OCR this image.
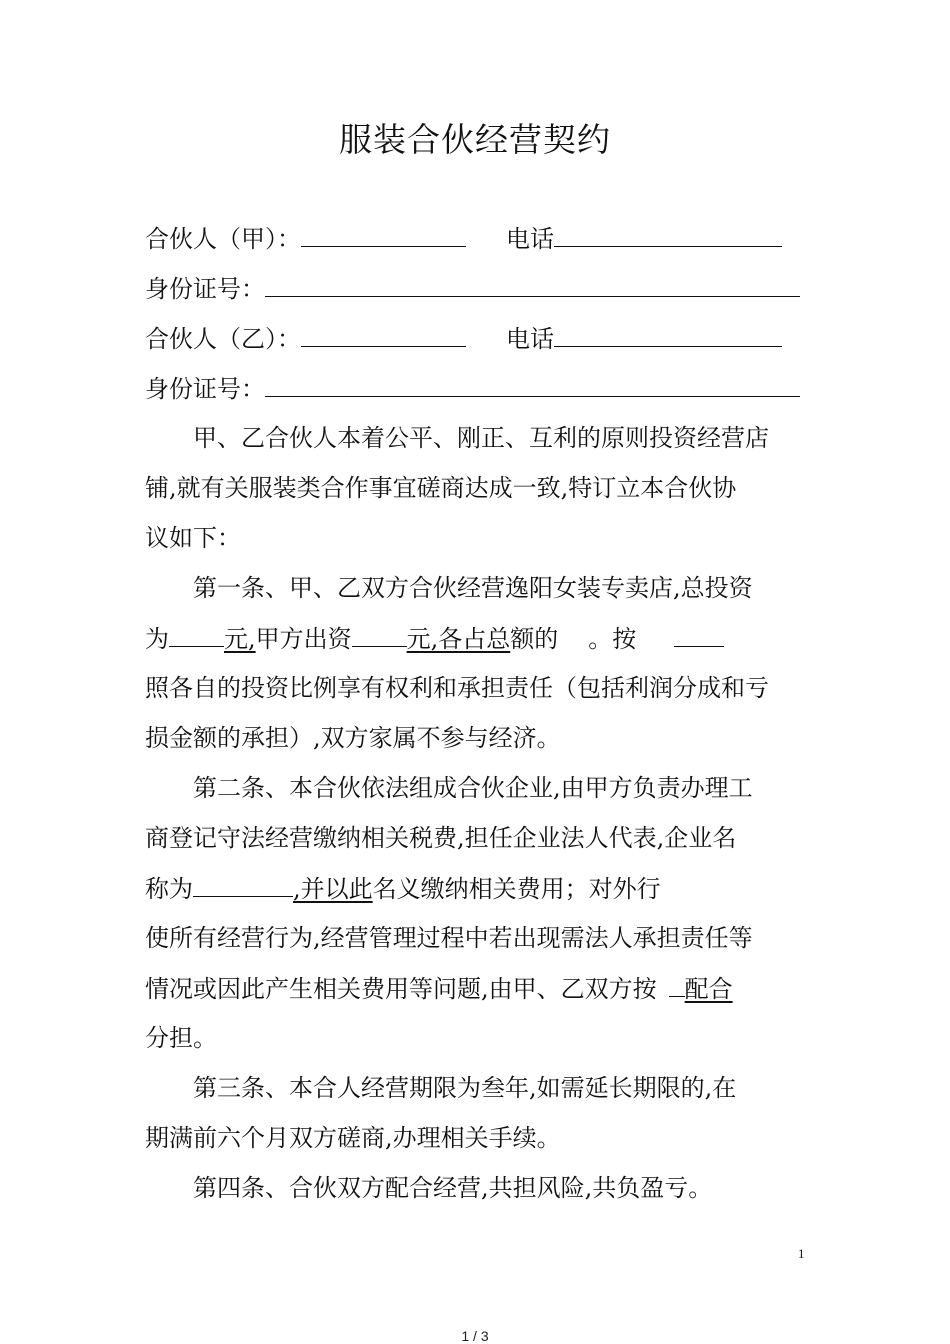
服装合伙经营契约
合伙人（甲）：	电话
身份证号：
合伙人（乙）：	电话
身份证号：
甲、乙合伙人本着公平、刚正、互利的原则投资经营店
铺,就有关服装类合作事宜磋商达成一致,特订立本合伙协
议如下：
第一条、甲、乙双方合伙经营逸阳女装专卖店,总投资
为 元,甲方出资 元,各占总额的 。按
照各自的投资比例享有权利和承担责任（包括利润分成和亏
损金额的承担）,双方家属不参与经济。
第二条、本合伙依法组成合伙企业,由甲方负责办理工
商登记守法经营缴纳相关税费,担任企业法人代表,企业名
称为	,并以此名义缴纳相关费用；对外行
使所有经营行为,经营管理过程中若出现需法人承担责任等
情况或因此产生相关费用等问题,由甲、乙双方按 配合
分担。
第三条、本合人经营期限为叁年,如需延长期限的,在
期满前六个月双方磋商,办理相关手续。
第四条、合伙双方配合经营,共担风险,共负盈亏。
1
1 / 3
